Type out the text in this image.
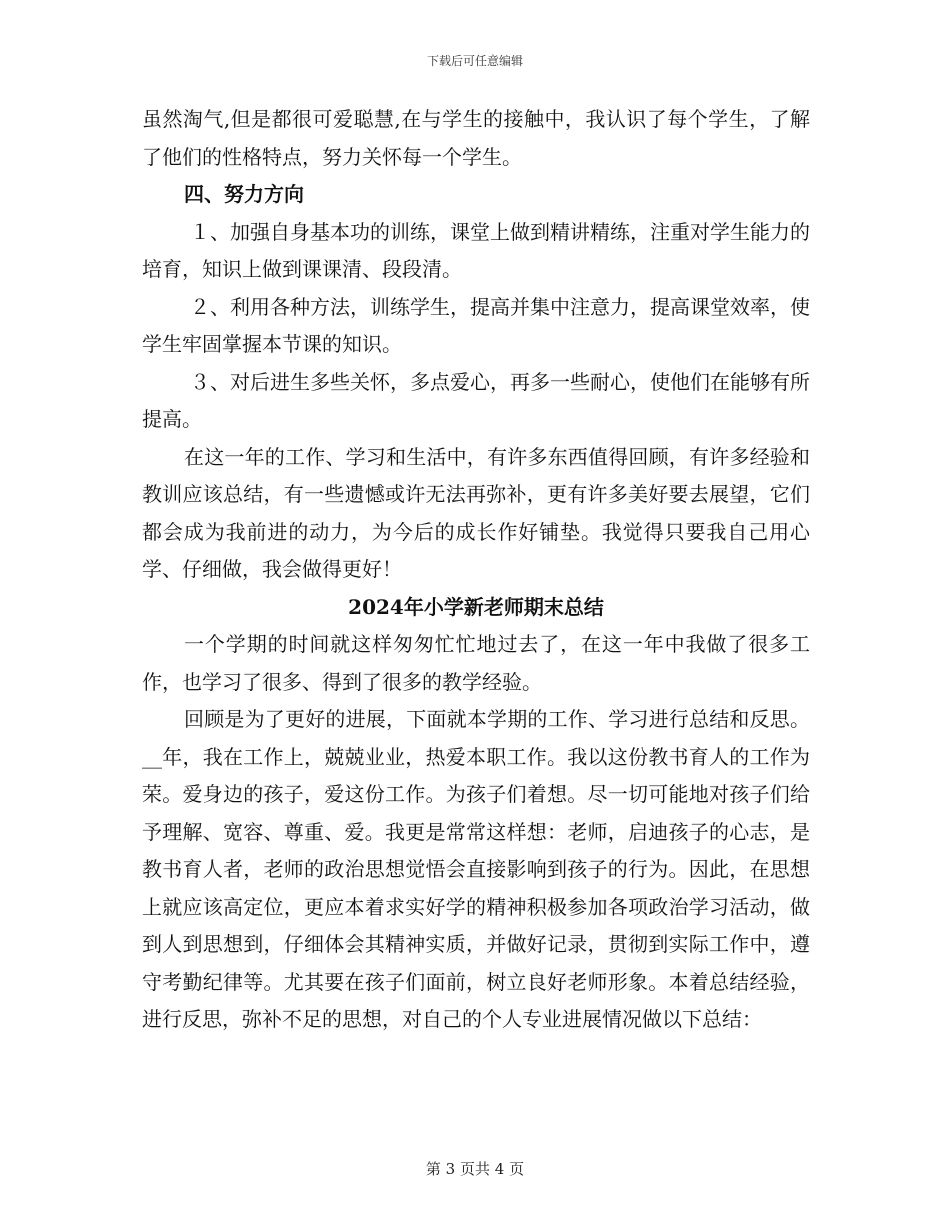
下载后可任意编辑

虽然淘气,但是都很可爱聪慧,在与学生的接触中，我认识了每个学生，了解了他们的性格特点，努力关怀每一个学生。

四、努力方向

１、加强自身基本功的训练，课堂上做到精讲精练，注重对学生能力的培育，知识上做到课课清、段段清。

２、利用各种方法，训练学生，提高并集中注意力，提高课堂效率，使学生牢固掌握本节课的知识。

３、对后进生多些关怀，多点爱心，再多一些耐心，使他们在能够有所提高。

在这一年的工作、学习和生活中，有许多东西值得回顾，有许多经验和教训应该总结，有一些遗憾或许无法再弥补，更有许多美好要去展望，它们都会成为我前进的动力，为今后的成长作好铺垫。我觉得只要我自己用心学、仔细做，我会做得更好！

2024年小学新老师期末总结

一个学期的时间就这样匆匆忙忙地过去了，在这一年中我做了很多工作，也学习了很多、得到了很多的教学经验。

回顾是为了更好的进展，下面就本学期的工作、学习进行总结和反思。__年，我在工作上，兢兢业业，热爱本职工作。我以这份教书育人的工作为荣。爱身边的孩子，爱这份工作。为孩子们着想。尽一切可能地对孩子们给予理解、宽容、尊重、爱。我更是常常这样想：老师，启迪孩子的心志，是教书育人者，老师的政治思想觉悟会直接影响到孩子的行为。因此，在思想上就应该高定位，更应本着求实好学的精神积极参加各项政治学习活动，做到人到思想到，仔细体会其精神实质，并做好记录，贯彻到实际工作中，遵守考勤纪律等。尤其要在孩子们面前，树立良好老师形象。本着总结经验，进行反思，弥补不足的思想，对自己的个人专业进展情况做以下总结：

第 3 页共 4 页
